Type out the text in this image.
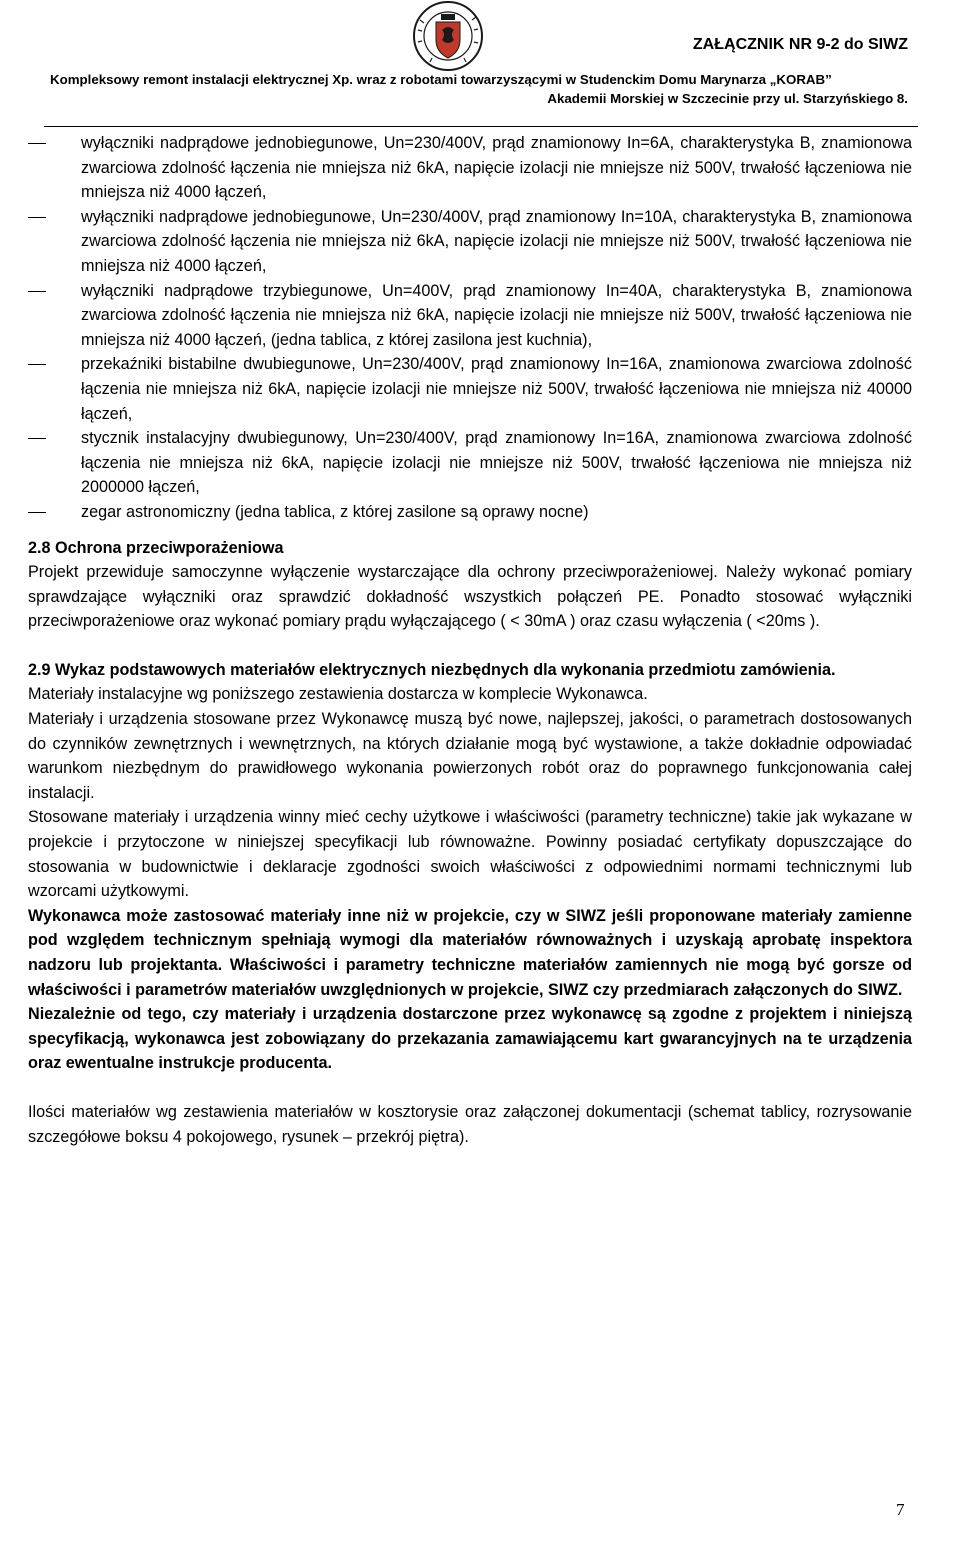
ZAŁĄCZNIK NR 9-2 do SIWZ
Kompleksowy remont instalacji elektrycznej Xp. wraz z robotami towarzyszącymi w Studenckim Domu Marynarza „KORAB”
Akademii Morskiej w Szczecinie przy ul. Starzyńskiego 8.
wyłączniki nadprądowe jednobiegunowe, Un=230/400V, prąd znamionowy In=6A, charakterystyka B, znamionowa zwarciowa zdolność łączenia nie mniejsza niż 6kA, napięcie izolacji nie mniejsze niż 500V, trwałość łączeniowa nie mniejsza niż 4000 łączeń,
wyłączniki nadprądowe jednobiegunowe, Un=230/400V, prąd znamionowy In=10A, charakterystyka B, znamionowa zwarciowa zdolność łączenia nie mniejsza niż 6kA, napięcie izolacji nie mniejsze niż 500V, trwałość łączeniowa nie mniejsza niż 4000 łączeń,
wyłączniki nadprądowe trzybiegunowe, Un=400V, prąd znamionowy In=40A, charakterystyka B, znamionowa zwarciowa zdolność łączenia nie mniejsza niż 6kA, napięcie izolacji nie mniejsze niż 500V, trwałość łączeniowa nie mniejsza niż 4000 łączeń, (jedna tablica, z której zasilona jest kuchnia),
przekaźniki bistabilne dwubiegunowe, Un=230/400V, prąd znamionowy In=16A, znamionowa zwarciowa zdolność łączenia nie mniejsza niż 6kA, napięcie izolacji nie mniejsze niż 500V, trwałość łączeniowa nie mniejsza niż 40000 łączeń,
stycznik instalacyjny dwubiegunowy, Un=230/400V, prąd znamionowy In=16A, znamionowa zwarciowa zdolność łączenia nie mniejsza niż 6kA, napięcie izolacji nie mniejsze niż 500V, trwałość łączeniowa nie mniejsza niż 2000000 łączeń,
zegar astronomiczny (jedna tablica, z której zasilone są oprawy nocne)

2.8 Ochrona przeciwporażeniowa

Projekt przewiduje samoczynne wyłączenie wystarczające dla ochrony przeciwporażeniowej. Należy wykonać pomiary sprawdzające wyłączniki oraz sprawdzić dokładność wszystkich połączeń PE. Ponadto stosować wyłączniki przeciwporażeniowe oraz wykonać pomiary prądu wyłączającego ( < 30mA ) oraz czasu wyłączenia ( <20ms ).

2.9 Wykaz podstawowych materiałów elektrycznych niezbędnych dla wykonania przedmiotu zamówienia.

Materiały instalacyjne wg poniższego zestawienia dostarcza w komplecie Wykonawca.

Materiały i urządzenia stosowane przez Wykonawcę muszą być nowe, najlepszej, jakości, o parametrach dostosowanych do czynników zewnętrznych i wewnętrznych, na których działanie mogą być wystawione, a także dokładnie odpowiadać warunkom niezbędnym do prawidłowego wykonania powierzonych robót oraz do poprawnego funkcjonowania całej instalacji.

Stosowane materiały i urządzenia winny mieć cechy użytkowe i właściwości (parametry techniczne) takie jak wykazane w projekcie i przytoczone w niniejszej specyfikacji lub równoważne. Powinny posiadać certyfikaty dopuszczające do stosowania w budownictwie i deklaracje zgodności swoich właściwości z odpowiednimi normami technicznymi lub wzorcami użytkowymi.

Wykonawca może zastosować materiały inne niż w projekcie, czy w SIWZ jeśli proponowane materiały zamienne pod względem technicznym spełniają wymogi dla materiałów równoważnych i uzyskają aprobatę inspektora nadzoru lub projektanta. Właściwości i parametry techniczne materiałów zamiennych nie mogą być gorsze od właściwości i parametrów materiałów uwzględnionych w projekcie, SIWZ czy przedmiarach załączonych do SIWZ.

Niezależnie od tego, czy materiały i urządzenia dostarczone przez wykonawcę są zgodne z projektem i niniejszą specyfikacją, wykonawca jest zobowiązany do przekazania zamawiającemu kart gwarancyjnych na te urządzenia oraz ewentualne instrukcje producenta.

Ilości materiałów wg zestawienia materiałów w kosztorysie oraz załączonej dokumentacji (schemat tablicy, rozrysowanie szczegółowe boksu 4 pokojowego, rysunek – przekrój piętra).

7
